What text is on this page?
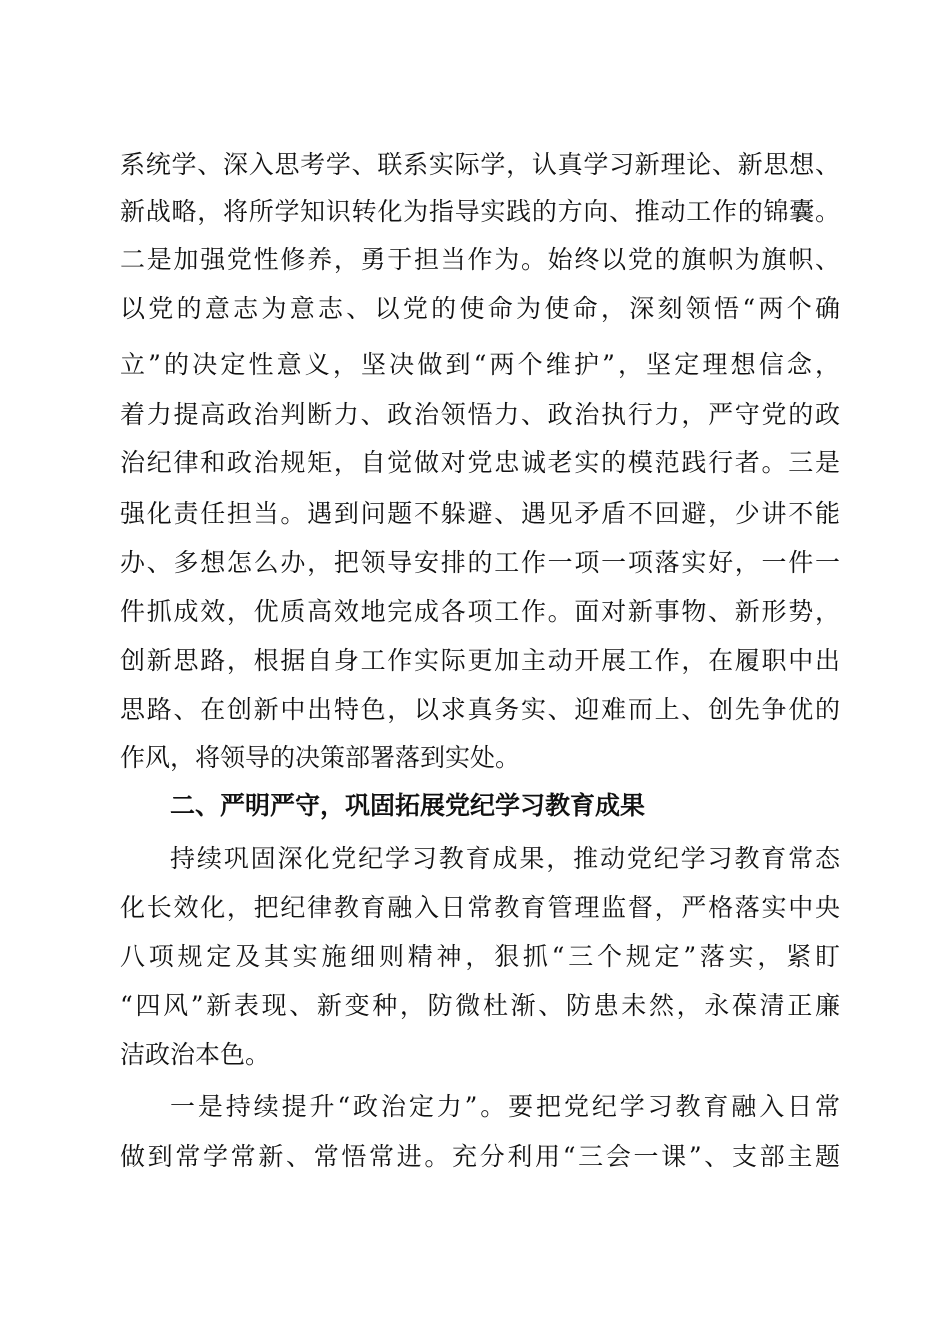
系统学、深入思考学、联系实际学，认真学习新理论、新思想、
新战略，将所学知识转化为指导实践的方向、推动工作的锦囊。
二是加强党性修养，勇于担当作为。始终以党的旗帜为旗帜、
以党的意志为意志、以党的使命为使命，深刻领悟“两个确
立”的决定性意义，坚决做到“两个维护”，坚定理想信念，
着力提高政治判断力、政治领悟力、政治执行力，严守党的政
治纪律和政治规矩，自觉做对党忠诚老实的模范践行者。三是
强化责任担当。遇到问题不躲避、遇见矛盾不回避，少讲不能
办、多想怎么办，把领导安排的工作一项一项落实好，一件一
件抓成效，优质高效地完成各项工作。面对新事物、新形势，
创新思路，根据自身工作实际更加主动开展工作，在履职中出
思路、在创新中出特色，以求真务实、迎难而上、创先争优的
作风，将领导的决策部署落到实处。
二、严明严守，巩固拓展党纪学习教育成果
持续巩固深化党纪学习教育成果，推动党纪学习教育常态
化长效化，把纪律教育融入日常教育管理监督，严格落实中央
八项规定及其实施细则精神，狠抓“三个规定”落实，紧盯
“四风”新表现、新变种，防微杜渐、防患未然，永葆清正廉
洁政治本色。
一是持续提升“政治定力”。要把党纪学习教育融入日常
做到常学常新、常悟常进。充分利用“三会一课”、支部主题
